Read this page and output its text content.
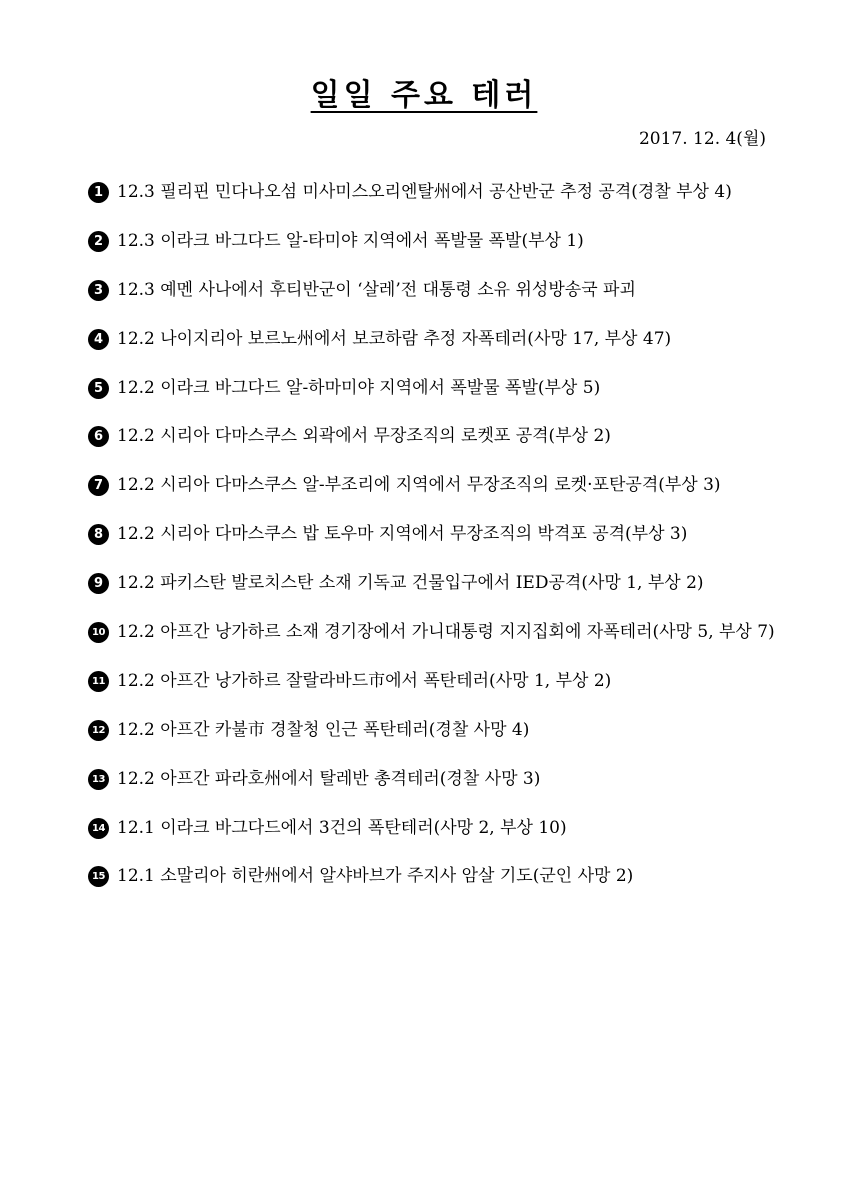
일일 주요 테러
2017. 12. 4(월)
1 12.3 필리핀 민다나오섬 미사미스오리엔탈州에서 공산반군 추정 공격(경찰 부상 4)
2 12.3 이라크 바그다드 알-타미야 지역에서 폭발물 폭발(부상 1)
3 12.3 예멘 사나에서 후티반군이 ‘살레’전 대통령 소유 위성방송국 파괴
4 12.2 나이지리아 보르노州에서 보코하람 추정 자폭테러(사망 17, 부상 47)
5 12.2 이라크 바그다드 알-하마미야 지역에서 폭발물 폭발(부상 5)
6 12.2 시리아 다마스쿠스 외곽에서 무장조직의 로켓포 공격(부상 2)
7 12.2 시리아 다마스쿠스 알-부조리에 지역에서 무장조직의 로켓·포탄공격(부상 3)
8 12.2 시리아 다마스쿠스 밥 토우마 지역에서 무장조직의 박격포 공격(부상 3)
9 12.2 파키스탄 발로치스탄 소재 기독교 건물입구에서 IED공격(사망 1, 부상 2)
10 12.2 아프간 낭가하르 소재 경기장에서 가니대통령 지지집회에 자폭테러(사망 5, 부상 7)
11 12.2 아프간 낭가하르 잘랄라바드市에서 폭탄테러(사망 1, 부상 2)
12 12.2 아프간 카불市 경찰청 인근 폭탄테러(경찰 사망 4)
13 12.2 아프간 파라호州에서 탈레반 총격테러(경찰 사망 3)
14 12.1 이라크 바그다드에서 3건의 폭탄테러(사망 2, 부상 10)
15 12.1 소말리아 히란州에서 알샤바브가 주지사 암살 기도(군인 사망 2)
